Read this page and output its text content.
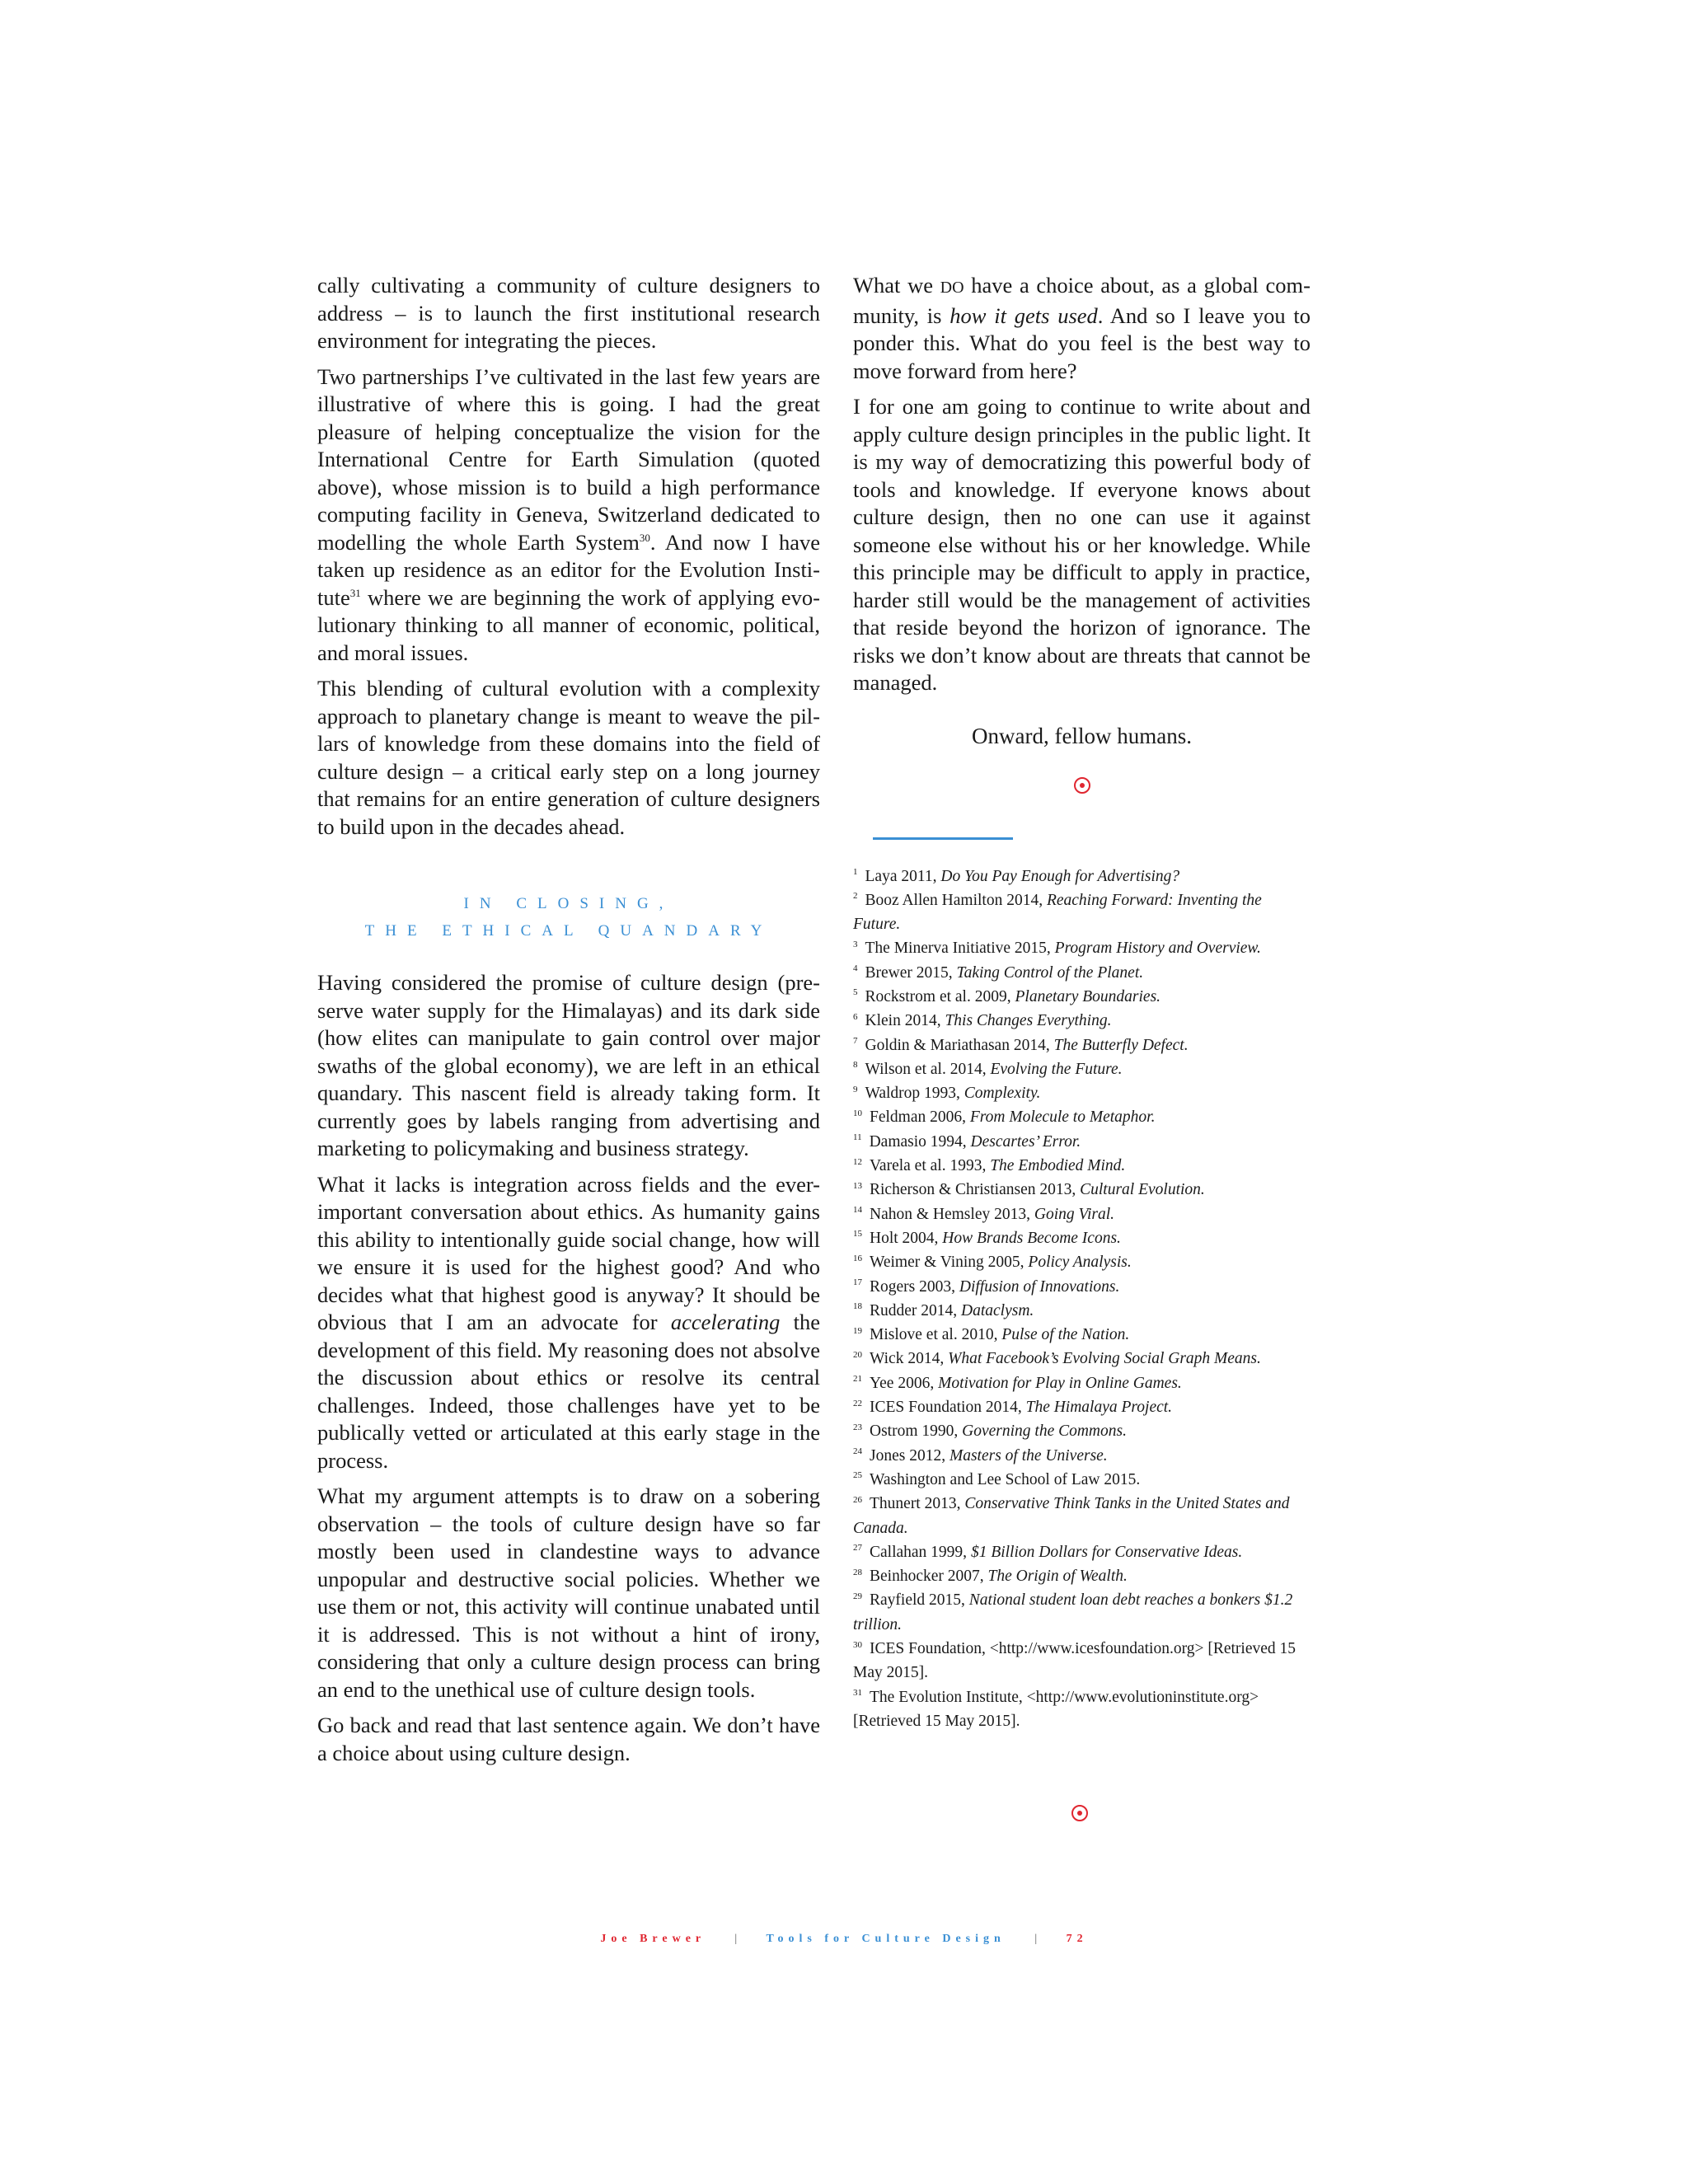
cally cultivating a community of culture designers to address – is to launch the first institutional research environment for integrating the pieces.

Two partnerships I’ve cultivated in the last few years are illustrative of where this is going. I had the great pleasure of helping conceptualize the vision for the International Centre for Earth Simulation (quoted above), whose mission is to build a high performance computing facility in Geneva, Switzerland dedicated to modelling the whole Earth System$^{30}$. And now I have taken up residence as an editor for the Evolution Institute$^{31}$ where we are beginning the work of applying evolutionary thinking to all manner of economic, political, and moral issues.

This blending of cultural evolution with a complexity approach to planetary change is meant to weave the pillars of knowledge from these domains into the field of culture design – a critical early step on a long journey that remains for an entire generation of culture designers to build upon in the decades ahead.

IN CLOSING,
THE ETHICAL QUANDARY

Having considered the promise of culture design (preserve water supply for the Himalayas) and its dark side (how elites can manipulate to gain control over major swaths of the global economy), we are left in an ethical quandary. This nascent field is already taking form. It currently goes by labels ranging from advertising and marketing to policymaking and business strategy.

What it lacks is integration across fields and the ever-important conversation about ethics. As humanity gains this ability to intentionally guide social change, how will we ensure it is used for the highest good? And who decides what that highest good is anyway? It should be obvious that I am an advocate for accelerating the development of this field. My reasoning does not absolve the discussion about ethics or resolve its central challenges. Indeed, those challenges have yet to be publically vetted or articulated at this early stage in the process.

What my argument attempts is to draw on a sobering observation – the tools of culture design have so far mostly been used in clandestine ways to advance unpopular and destructive social policies. Whether we use them or not, this activity will continue unabated until it is addressed. This is not without a hint of irony, considering that only a culture design process can bring an end to the unethical use of culture design tools.

Go back and read that last sentence again. We don’t have a choice about using culture design.

What we DO have a choice about, as a global community, is how it gets used. And so I leave you to ponder this. What do you feel is the best way to move forward from here?

I for one am going to continue to write about and apply culture design principles in the public light. It is my way of democratizing this powerful body of tools and knowledge. If everyone knows about culture design, then no one can use it against someone else without his or her knowledge. While this principle may be difficult to apply in practice, harder still would be the management of activities that reside beyond the horizon of ignorance. The risks we don’t know about are threats that cannot be managed.

Onward, fellow humans.

1 Laya 2011, Do You Pay Enough for Advertising?

2 Booz Allen Hamilton 2014, Reaching Forward: Inventing the Future.

3 The Minerva Initiative 2015, Program History and Overview.

4 Brewer 2015, Taking Control of the Planet.

5 Rockstrom et al. 2009, Planetary Boundaries.

6 Klein 2014, This Changes Everything.

7 Goldin & Mariathasan 2014, The Butterfly Defect.

8 Wilson et al. 2014, Evolving the Future.

9 Waldrop 1993, Complexity.

10 Feldman 2006, From Molecule to Metaphor.

11 Damasio 1994, Descartes’ Error.

12 Varela et al. 1993, The Embodied Mind.

13 Richerson & Christiansen 2013, Cultural Evolution.

14 Nahon & Hemsley 2013, Going Viral.

15 Holt 2004, How Brands Become Icons.

16 Weimer & Vining 2005, Policy Analysis.

17 Rogers 2003, Diffusion of Innovations.

18 Rudder 2014, Dataclysm.

19 Mislove et al. 2010, Pulse of the Nation.

20 Wick 2014, What Facebook’s Evolving Social Graph Means.

21 Yee 2006, Motivation for Play in Online Games.

22 ICES Foundation 2014, The Himalaya Project.

23 Ostrom 1990, Governing the Commons.

24 Jones 2012, Masters of the Universe.

25 Washington and Lee School of Law 2015.

26 Thunert 2013, Conservative Think Tanks in the United States and Canada.

27 Callahan 1999, $1 Billion Dollars for Conservative Ideas.

28 Beinhocker 2007, The Origin of Wealth.

29 Rayfield 2015, National student loan debt reaches a bonkers $1.2 trillion.

30 ICES Foundation, <http://www.icesfoundation.org> [Retrieved 15 May 2015].

31 The Evolution Institute, <http://www.evolutioninstitute.org> [Retrieved 15 May 2015].

Joe Brewer	|	Tools for Culture Design	|	72
